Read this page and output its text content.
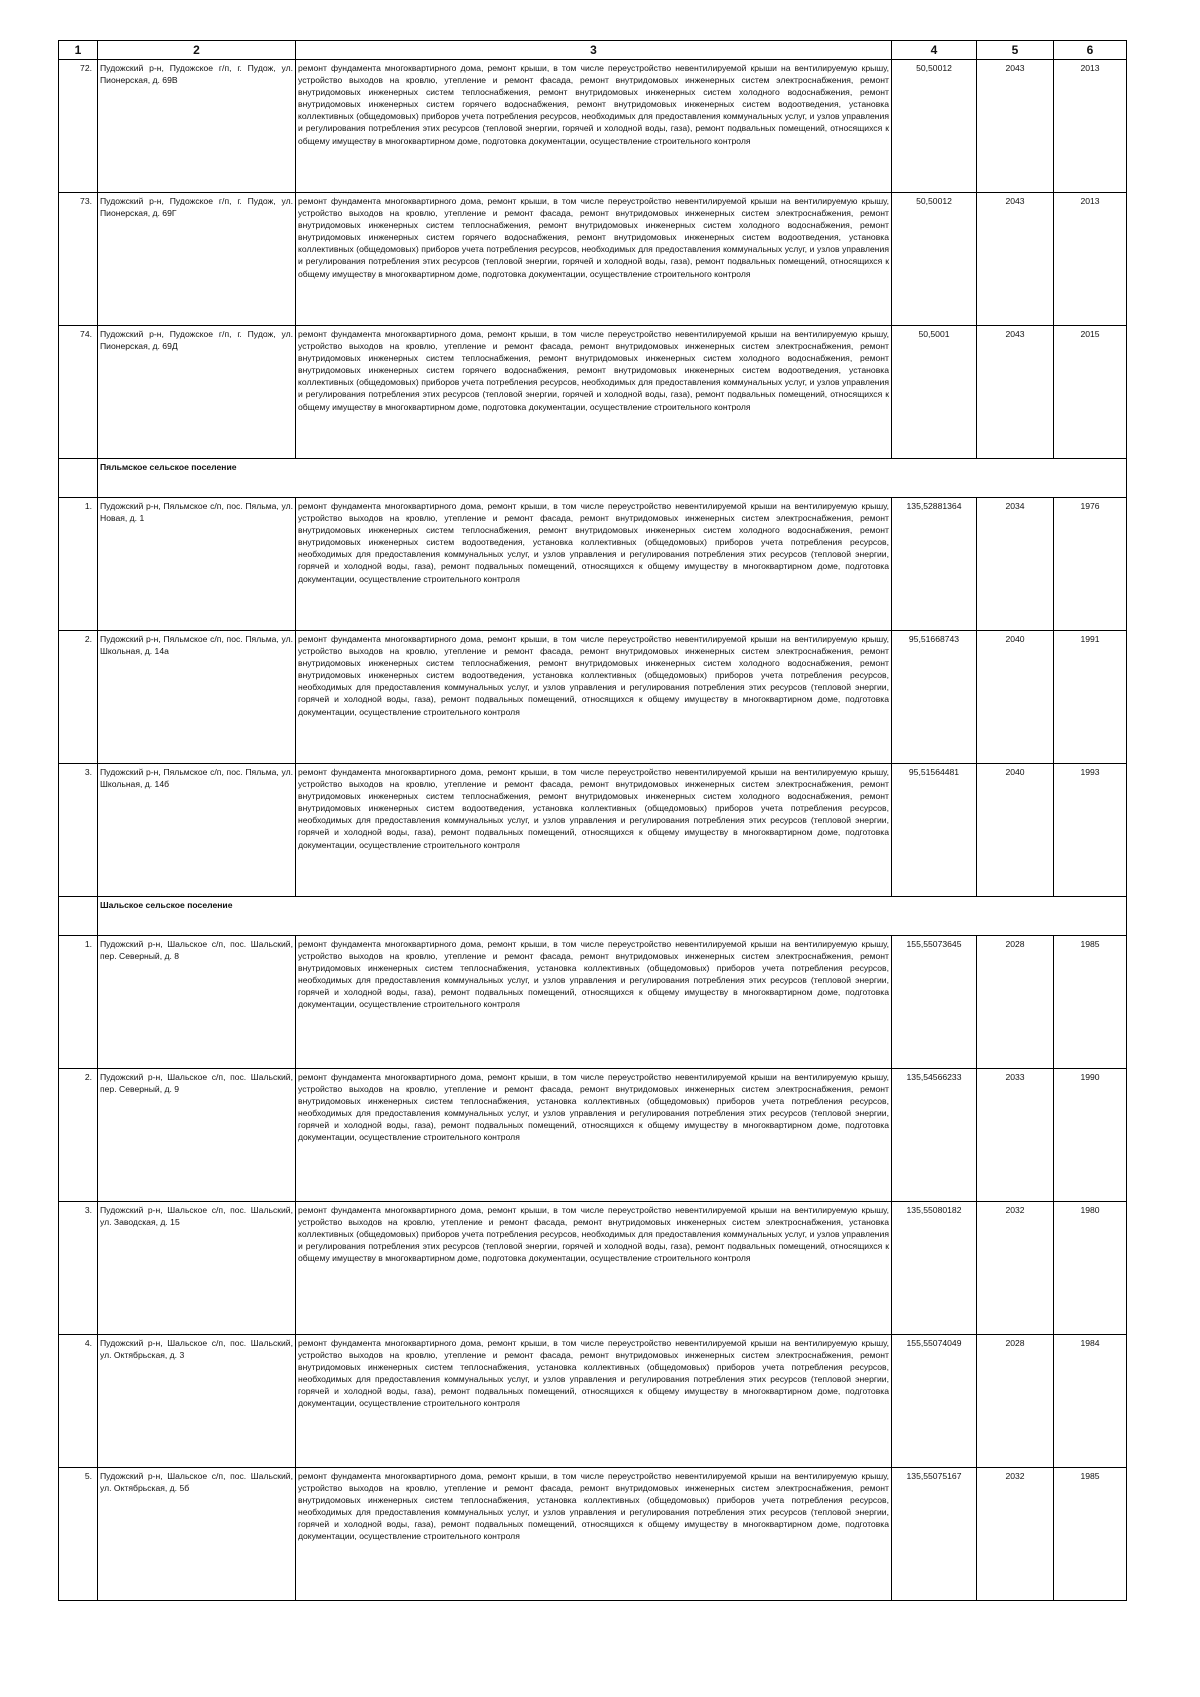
1	2	3	4	5	6
72.	Пудожский р-н, Пудожское г/п, г. Пудож, ул. Пионерская, д. 69В	ремонт фундамента многоквартирного дома, ремонт крыши, в том числе переустройство невентилируемой крыши на вентилируемую крышу, устройство выходов на кровлю, утепление и ремонт фасада, ремонт внутридомовых инженерных систем электроснабжения, ремонт внутридомовых инженерных систем теплоснабжения, ремонт внутридомовых инженерных систем холодного водоснабжения, ремонт внутридомовых инженерных систем горячего водоснабжения, ремонт внутридомовых инженерных систем водоотведения, установка коллективных (общедомовых) приборов учета потребления ресурсов, необходимых для предоставления коммунальных услуг, и узлов управления и регулирования потребления этих ресурсов (тепловой энергии, горячей и холодной воды, газа), ремонт подвальных помещений, относящихся к общему имуществу в многоквартирном доме, подготовка документации, осуществление строительного контроля	50,50012	2043	2013
73.	Пудожский р-н, Пудожское г/п, г. Пудож, ул. Пионерская, д. 69Г	ремонт фундамента многоквартирного дома, ремонт крыши, в том числе переустройство невентилируемой крыши на вентилируемую крышу, устройство выходов на кровлю, утепление и ремонт фасада, ремонт внутридомовых инженерных систем электроснабжения, ремонт внутридомовых инженерных систем теплоснабжения, ремонт внутридомовых инженерных систем холодного водоснабжения, ремонт внутридомовых инженерных систем горячего водоснабжения, ремонт внутридомовых инженерных систем водоотведения, установка коллективных (общедомовых) приборов учета потребления ресурсов, необходимых для предоставления коммунальных услуг, и узлов управления и регулирования потребления этих ресурсов (тепловой энергии, горячей и холодной воды, газа), ремонт подвальных помещений, относящихся к общему имуществу в многоквартирном доме, подготовка документации, осуществление строительного контроля	50,50012	2043	2013
74.	Пудожский р-н, Пудожское г/п, г. Пудож, ул. Пионерская, д. 69Д	ремонт фундамента многоквартирного дома, ремонт крыши, в том числе переустройство невентилируемой крыши на вентилируемую крышу, устройство выходов на кровлю, утепление и ремонт фасада, ремонт внутридомовых инженерных систем электроснабжения, ремонт внутридомовых инженерных систем теплоснабжения, ремонт внутридомовых инженерных систем холодного водоснабжения, ремонт внутридомовых инженерных систем горячего водоснабжения, ремонт внутридомовых инженерных систем водоотведения, установка коллективных (общедомовых) приборов учета потребления ресурсов, необходимых для предоставления коммунальных услуг, и узлов управления и регулирования потребления этих ресурсов (тепловой энергии, горячей и холодной воды, газа), ремонт подвальных помещений, относящихся к общему имуществу в многоквартирном доме, подготовка документации, осуществление строительного контроля	50,5001	2043	2015
	Пяльмское сельское поселение				
1.	Пудожский р-н, Пяльмское с/п, пос. Пяльма, ул. Новая, д. 1	ремонт фундамента многоквартирного дома, ремонт крыши, в том числе переустройство невентилируемой крыши на вентилируемую крышу, устройство выходов на кровлю, утепление и ремонт фасада, ремонт внутридомовых инженерных систем электроснабжения, ремонт внутридомовых инженерных систем теплоснабжения, ремонт внутридомовых инженерных систем холодного водоснабжения, ремонт внутридомовых инженерных систем водоотведения, установка коллективных (общедомовых) приборов учета потребления ресурсов, необходимых для предоставления коммунальных услуг, и узлов управления и регулирования потребления этих ресурсов (тепловой энергии, горячей и холодной воды, газа), ремонт подвальных помещений, относящихся к общему имуществу в многоквартирном доме, подготовка документации, осуществление строительного контроля	135,52881364	2034	1976
2.	Пудожский р-н, Пяльмское с/п, пос. Пяльма, ул. Школьная, д. 14а	ремонт фундамента многоквартирного дома, ремонт крыши, в том числе переустройство невентилируемой крыши на вентилируемую крышу, устройство выходов на кровлю, утепление и ремонт фасада, ремонт внутридомовых инженерных систем электроснабжения, ремонт внутридомовых инженерных систем теплоснабжения, ремонт внутридомовых инженерных систем холодного водоснабжения, ремонт внутридомовых инженерных систем водоотведения, установка коллективных (общедомовых) приборов учета потребления ресурсов, необходимых для предоставления коммунальных услуг, и узлов управления и регулирования потребления этих ресурсов (тепловой энергии, горячей и холодной воды, газа), ремонт подвальных помещений, относящихся к общему имуществу в многоквартирном доме, подготовка документации, осуществление строительного контроля	95,51668743	2040	1991
3.	Пудожский р-н, Пяльмское с/п, пос. Пяльма, ул. Школьная, д. 14б	ремонт фундамента многоквартирного дома, ремонт крыши, в том числе переустройство невентилируемой крыши на вентилируемую крышу, устройство выходов на кровлю, утепление и ремонт фасада, ремонт внутридомовых инженерных систем электроснабжения, ремонт внутридомовых инженерных систем теплоснабжения, ремонт внутридомовых инженерных систем холодного водоснабжения, ремонт внутридомовых инженерных систем водоотведения, установка коллективных (общедомовых) приборов учета потребления ресурсов, необходимых для предоставления коммунальных услуг, и узлов управления и регулирования потребления этих ресурсов (тепловой энергии, горячей и холодной воды, газа), ремонт подвальных помещений, относящихся к общему имуществу в многоквартирном доме, подготовка документации, осуществление строительного контроля	95,51564481	2040	1993
	Шальское сельское поселение				
1.	Пудожский р-н, Шальское с/п, пос. Шальский, пер. Северный, д. 8	ремонт фундамента многоквартирного дома, ремонт крыши, в том числе переустройство невентилируемой крыши на вентилируемую крышу, устройство выходов на кровлю, утепление и ремонт фасада, ремонт внутридомовых инженерных систем электроснабжения, ремонт внутридомовых инженерных систем теплоснабжения, установка коллективных (общедомовых) приборов учета потребления ресурсов, необходимых для предоставления коммунальных услуг, и узлов управления и регулирования потребления этих ресурсов (тепловой энергии, горячей и холодной воды, газа), ремонт подвальных помещений, относящихся к общему имуществу в многоквартирном доме, подготовка документации, осуществление строительного контроля	155,55073645	2028	1985
2.	Пудожский р-н, Шальское с/п, пос. Шальский, пер. Северный, д. 9	ремонт фундамента многоквартирного дома, ремонт крыши, в том числе переустройство невентилируемой крыши на вентилируемую крышу, устройство выходов на кровлю, утепление и ремонт фасада, ремонт внутридомовых инженерных систем электроснабжения, ремонт внутридомовых инженерных систем теплоснабжения, установка коллективных (общедомовых) приборов учета потребления ресурсов, необходимых для предоставления коммунальных услуг, и узлов управления и регулирования потребления этих ресурсов (тепловой энергии, горячей и холодной воды, газа), ремонт подвальных помещений, относящихся к общему имуществу в многоквартирном доме, подготовка документации, осуществление строительного контроля	135,54566233	2033	1990
3.	Пудожский р-н, Шальское с/п, пос. Шальский, ул. Заводская, д. 15	ремонт фундамента многоквартирного дома, ремонт крыши, в том числе переустройство невентилируемой крыши на вентилируемую крышу, устройство выходов на кровлю, утепление и ремонт фасада, ремонт внутридомовых инженерных систем электроснабжения, установка коллективных (общедомовых) приборов учета потребления ресурсов, необходимых для предоставления коммунальных услуг, и узлов управления и регулирования потребления этих ресурсов (тепловой энергии, горячей и холодной воды, газа), ремонт подвальных помещений, относящихся к общему имуществу в многоквартирном доме, подготовка документации, осуществление строительного контроля	135,55080182	2032	1980
4.	Пудожский р-н, Шальское с/п, пос. Шальский, ул. Октябрьская, д. 3	ремонт фундамента многоквартирного дома, ремонт крыши, в том числе переустройство невентилируемой крыши на вентилируемую крышу, устройство выходов на кровлю, утепление и ремонт фасада, ремонт внутридомовых инженерных систем электроснабжения, ремонт внутридомовых инженерных систем теплоснабжения, установка коллективных (общедомовых) приборов учета потребления ресурсов, необходимых для предоставления коммунальных услуг, и узлов управления и регулирования потребления этих ресурсов (тепловой энергии, горячей и холодной воды, газа), ремонт подвальных помещений, относящихся к общему имуществу в многоквартирном доме, подготовка документации, осуществление строительного контроля	155,55074049	2028	1984
5.	Пудожский р-н, Шальское с/п, пос. Шальский, ул. Октябрьская, д. 5б	ремонт фундамента многоквартирного дома, ремонт крыши, в том числе переустройство невентилируемой крыши на вентилируемую крышу, устройство выходов на кровлю, утепление и ремонт фасада, ремонт внутридомовых инженерных систем электроснабжения, ремонт внутридомовых инженерных систем теплоснабжения, установка коллективных (общедомовых) приборов учета потребления ресурсов, необходимых для предоставления коммунальных услуг, и узлов управления и регулирования потребления этих ресурсов (тепловой энергии, горячей и холодной воды, газа), ремонт подвальных помещений, относящихся к общему имуществу в многоквартирном доме, подготовка документации, осуществление строительного контроля	135,55075167	2032	1985
